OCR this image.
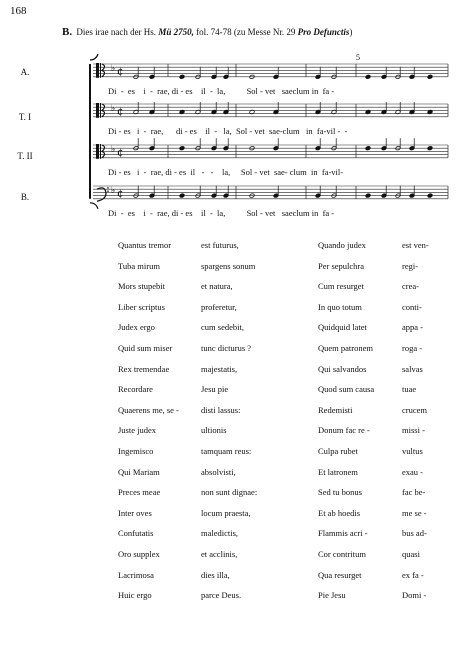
168
B. Dies irae nach der Hs. Mü 2750, fol. 74-78 (zu Messe Nr. 29 Pro Defunctis)
♭ ¢
♭ ¢
♭ ¢
♭ ¢
5
A.
T. I
T. II
B.
Di  -  es    i  -  rae, di - es    il  -  la,          Sol - vet   saeclum in  fa -
Di - es   i  -  rae,      di - es    il  -   la,  Sol - vet  sae-clum   in  fa-vil -  -
Di - es   i  -  rae, di - es  il   -   -    la,     Sol - vet  sae- clum  in  fa-vil-
Di  -  es    i  -  rae, di - es    il  -  la,          Sol - vet   saeclum in  fa -
Quantus tremor	est futurus,	Quando judex	est ven-
Tuba mirum	spargens sonum	Per sepulchra	regi-
Mors stupebit	et natura,	Cum resurget	crea-
Liber scriptus	proferetur,	In quo totum	conti-
Judex ergo	cum sedebit,	Quidquid latet	appa -
Quid sum miser	tunc dicturus ?	Quem patronem	roga -
Rex tremendae	majestatis,	Qui salvandos	salvas
Recordare	Jesu pie	Quod sum causa	tuae
Quaerens me, se -	disti lassus:	Redemisti	crucem
Juste judex	ultionis	Donum fac re -	missi -
Ingemisco	tamquam reus:	Culpa rubet	vultus
Qui Mariam	absolvisti,	Et latronem	exau -
Preces meae	non sunt dignae:	Sed tu bonus	fac be-
Inter oves	locum praesta,	Et ab hoedis	me se -
Confutatis	maledictis,	Flammis acri -	bus ad-
Oro supplex	et acclinis,	Cor contritum	quasi
Lacrimosa	dies illa,	Qua resurget	ex fa -
Huic ergo	parce Deus.	Pie Jesu	Domi -
